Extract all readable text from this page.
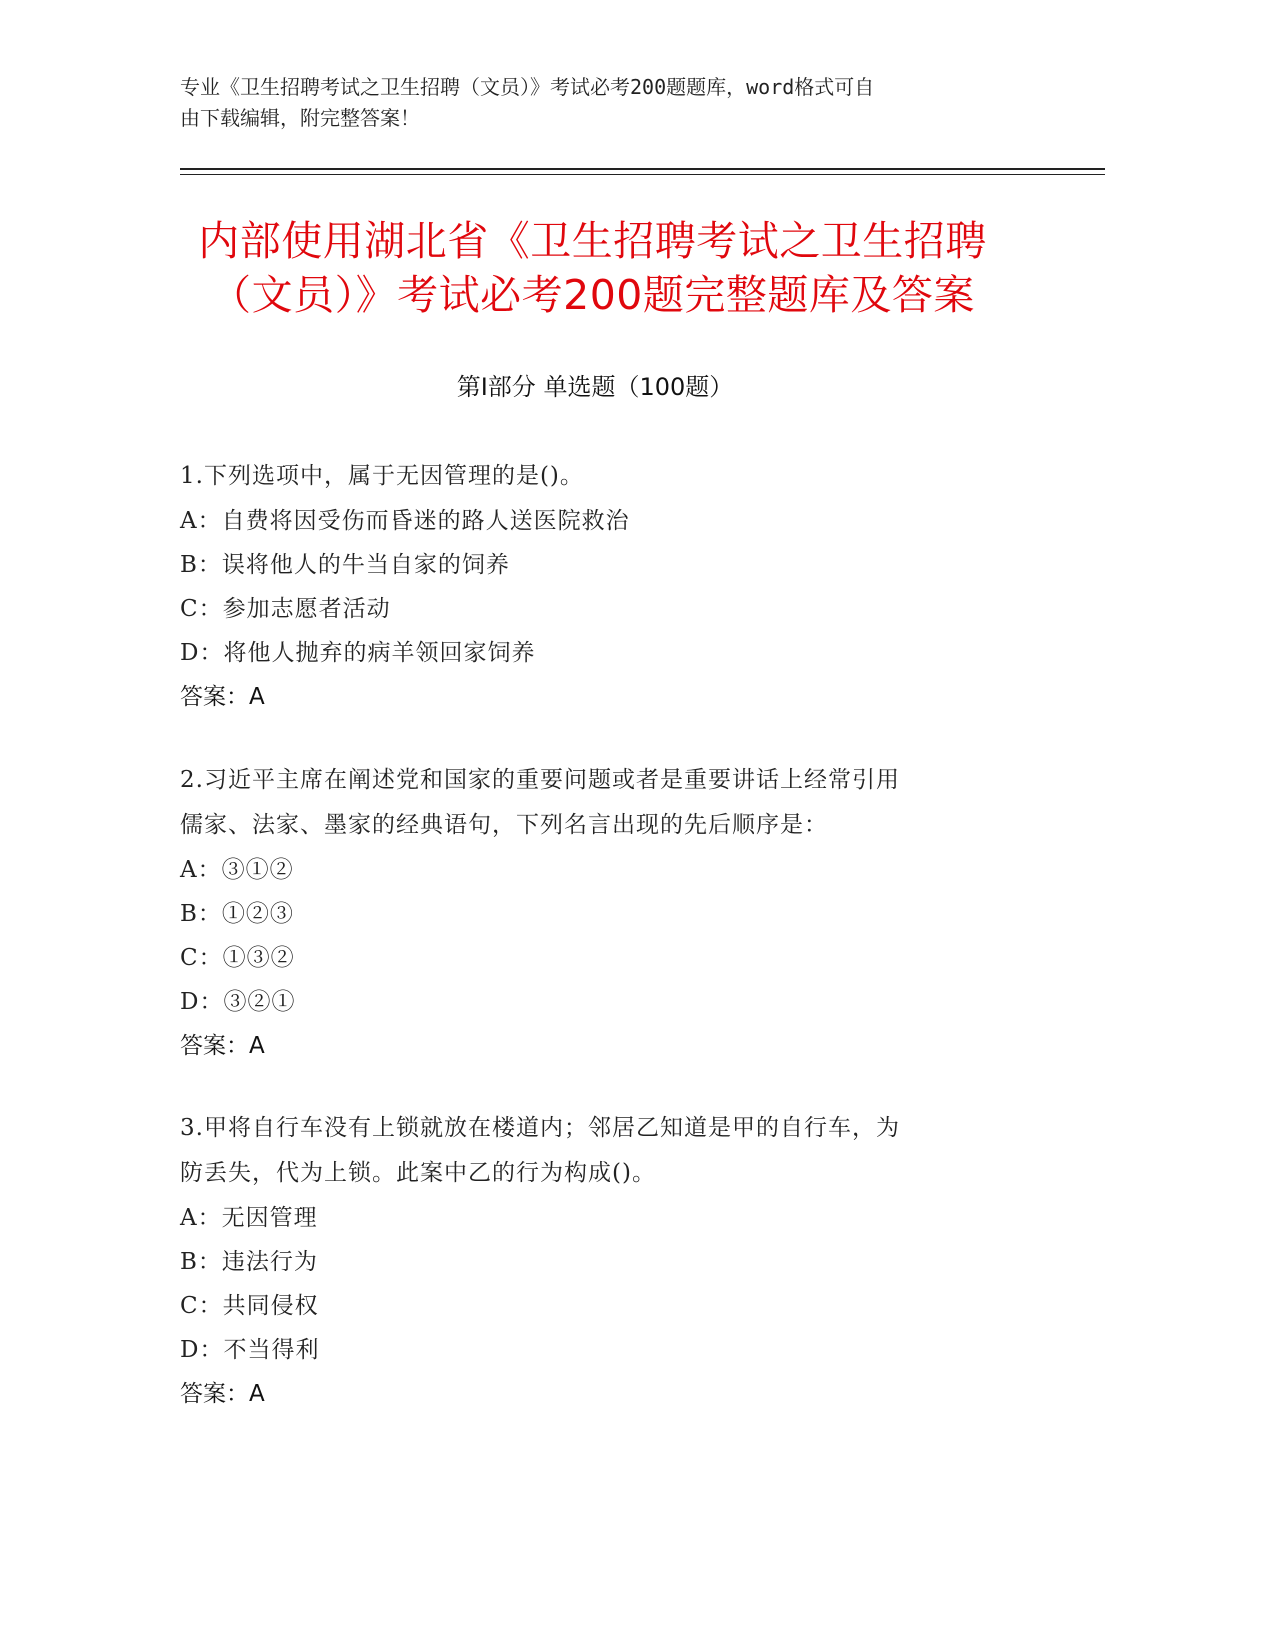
专业《卫生招聘考试之卫生招聘（文员）》考试必考200题题库，word格式可自
由下载编辑，附完整答案！
内部使用湖北省《卫生招聘考试之卫生招聘
（文员）》考试必考200题完整题库及答案
第Ⅰ部分 单选题（100题）
1.下列选项中，属于无因管理的是()。
A：自费将因受伤而昏迷的路人送医院救治
B：误将他人的牛当自家的饲养
C：参加志愿者活动
D：将他人抛弃的病羊领回家饲养
答案：A
2.习近平主席在阐述党和国家的重要问题或者是重要讲话上经常引用
儒家、法家、墨家的经典语句，下列名言出现的先后顺序是：
A：③①②
B：①②③
C：①③②
D：③②①
答案：A
3.甲将自行车没有上锁就放在楼道内；邻居乙知道是甲的自行车，为
防丢失，代为上锁。此案中乙的行为构成()。
A：无因管理
B：违法行为
C：共同侵权
D：不当得利
答案：A
